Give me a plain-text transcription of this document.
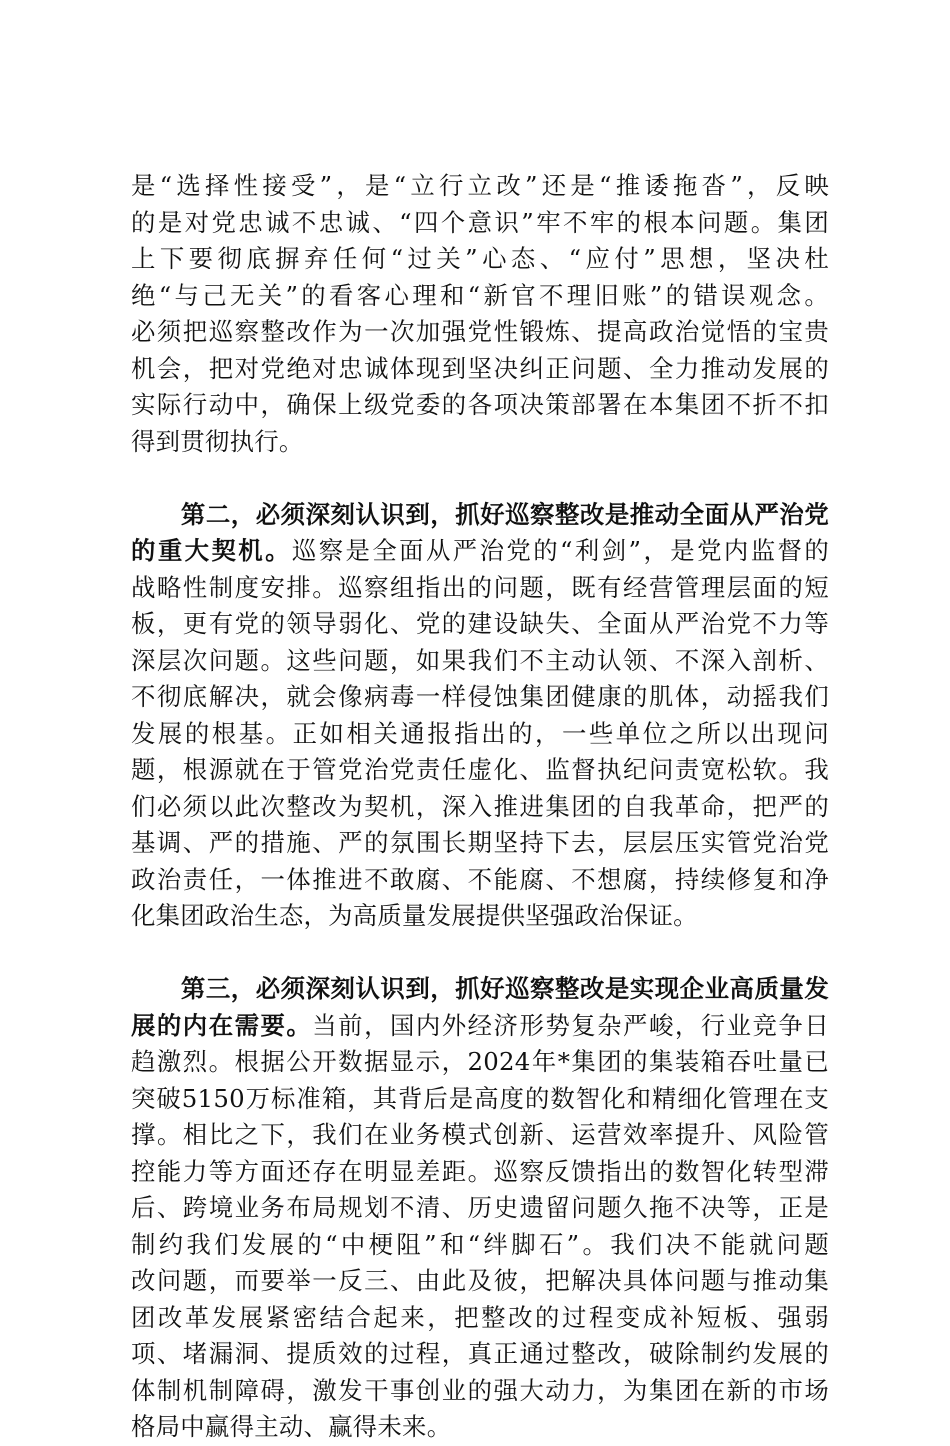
是“选择性接受”，是“立行立改”还是“推诿拖沓”，反映
的是对党忠诚不忠诚、“四个意识”牢不牢的根本问题。集团
上下要彻底摒弃任何“过关”心态、“应付”思想，坚决杜
绝“与己无关”的看客心理和“新官不理旧账”的错误观念。
必须把巡察整改作为一次加强党性锻炼、提高政治觉悟的宝贵
机会，把对党绝对忠诚体现到坚决纠正问题、全力推动发展的
实际行动中，确保上级党委的各项决策部署在本集团不折不扣
得到贯彻执行。

　　第二，必须深刻认识到，抓好巡察整改是推动全面从严治党
的重大契机。巡察是全面从严治党的“利剑”，是党内监督的
战略性制度安排。巡察组指出的问题，既有经营管理层面的短
板，更有党的领导弱化、党的建设缺失、全面从严治党不力等
深层次问题。这些问题，如果我们不主动认领、不深入剖析、
不彻底解决，就会像病毒一样侵蚀集团健康的肌体，动摇我们
发展的根基。正如相关通报指出的，一些单位之所以出现问
题，根源就在于管党治党责任虚化、监督执纪问责宽松软。我
们必须以此次整改为契机，深入推进集团的自我革命，把严的
基调、严的措施、严的氛围长期坚持下去，层层压实管党治党
政治责任，一体推进不敢腐、不能腐、不想腐，持续修复和净
化集团政治生态，为高质量发展提供坚强政治保证。

　　第三，必须深刻认识到，抓好巡察整改是实现企业高质量发
展的内在需要。当前，国内外经济形势复杂严峻，行业竞争日
趋激烈。根据公开数据显示，2024年*集团的集装箱吞吐量已
突破5150万标准箱，其背后是高度的数智化和精细化管理在支
撑。相比之下，我们在业务模式创新、运营效率提升、风险管
控能力等方面还存在明显差距。巡察反馈指出的数智化转型滞
后、跨境业务布局规划不清、历史遗留问题久拖不决等，正是
制约我们发展的“中梗阻”和“绊脚石”。我们决不能就问题
改问题，而要举一反三、由此及彼，把解决具体问题与推动集
团改革发展紧密结合起来，把整改的过程变成补短板、强弱
项、堵漏洞、提质效的过程，真正通过整改，破除制约发展的
体制机制障碍，激发干事创业的强大动力，为集团在新的市场
格局中赢得主动、赢得未来。
